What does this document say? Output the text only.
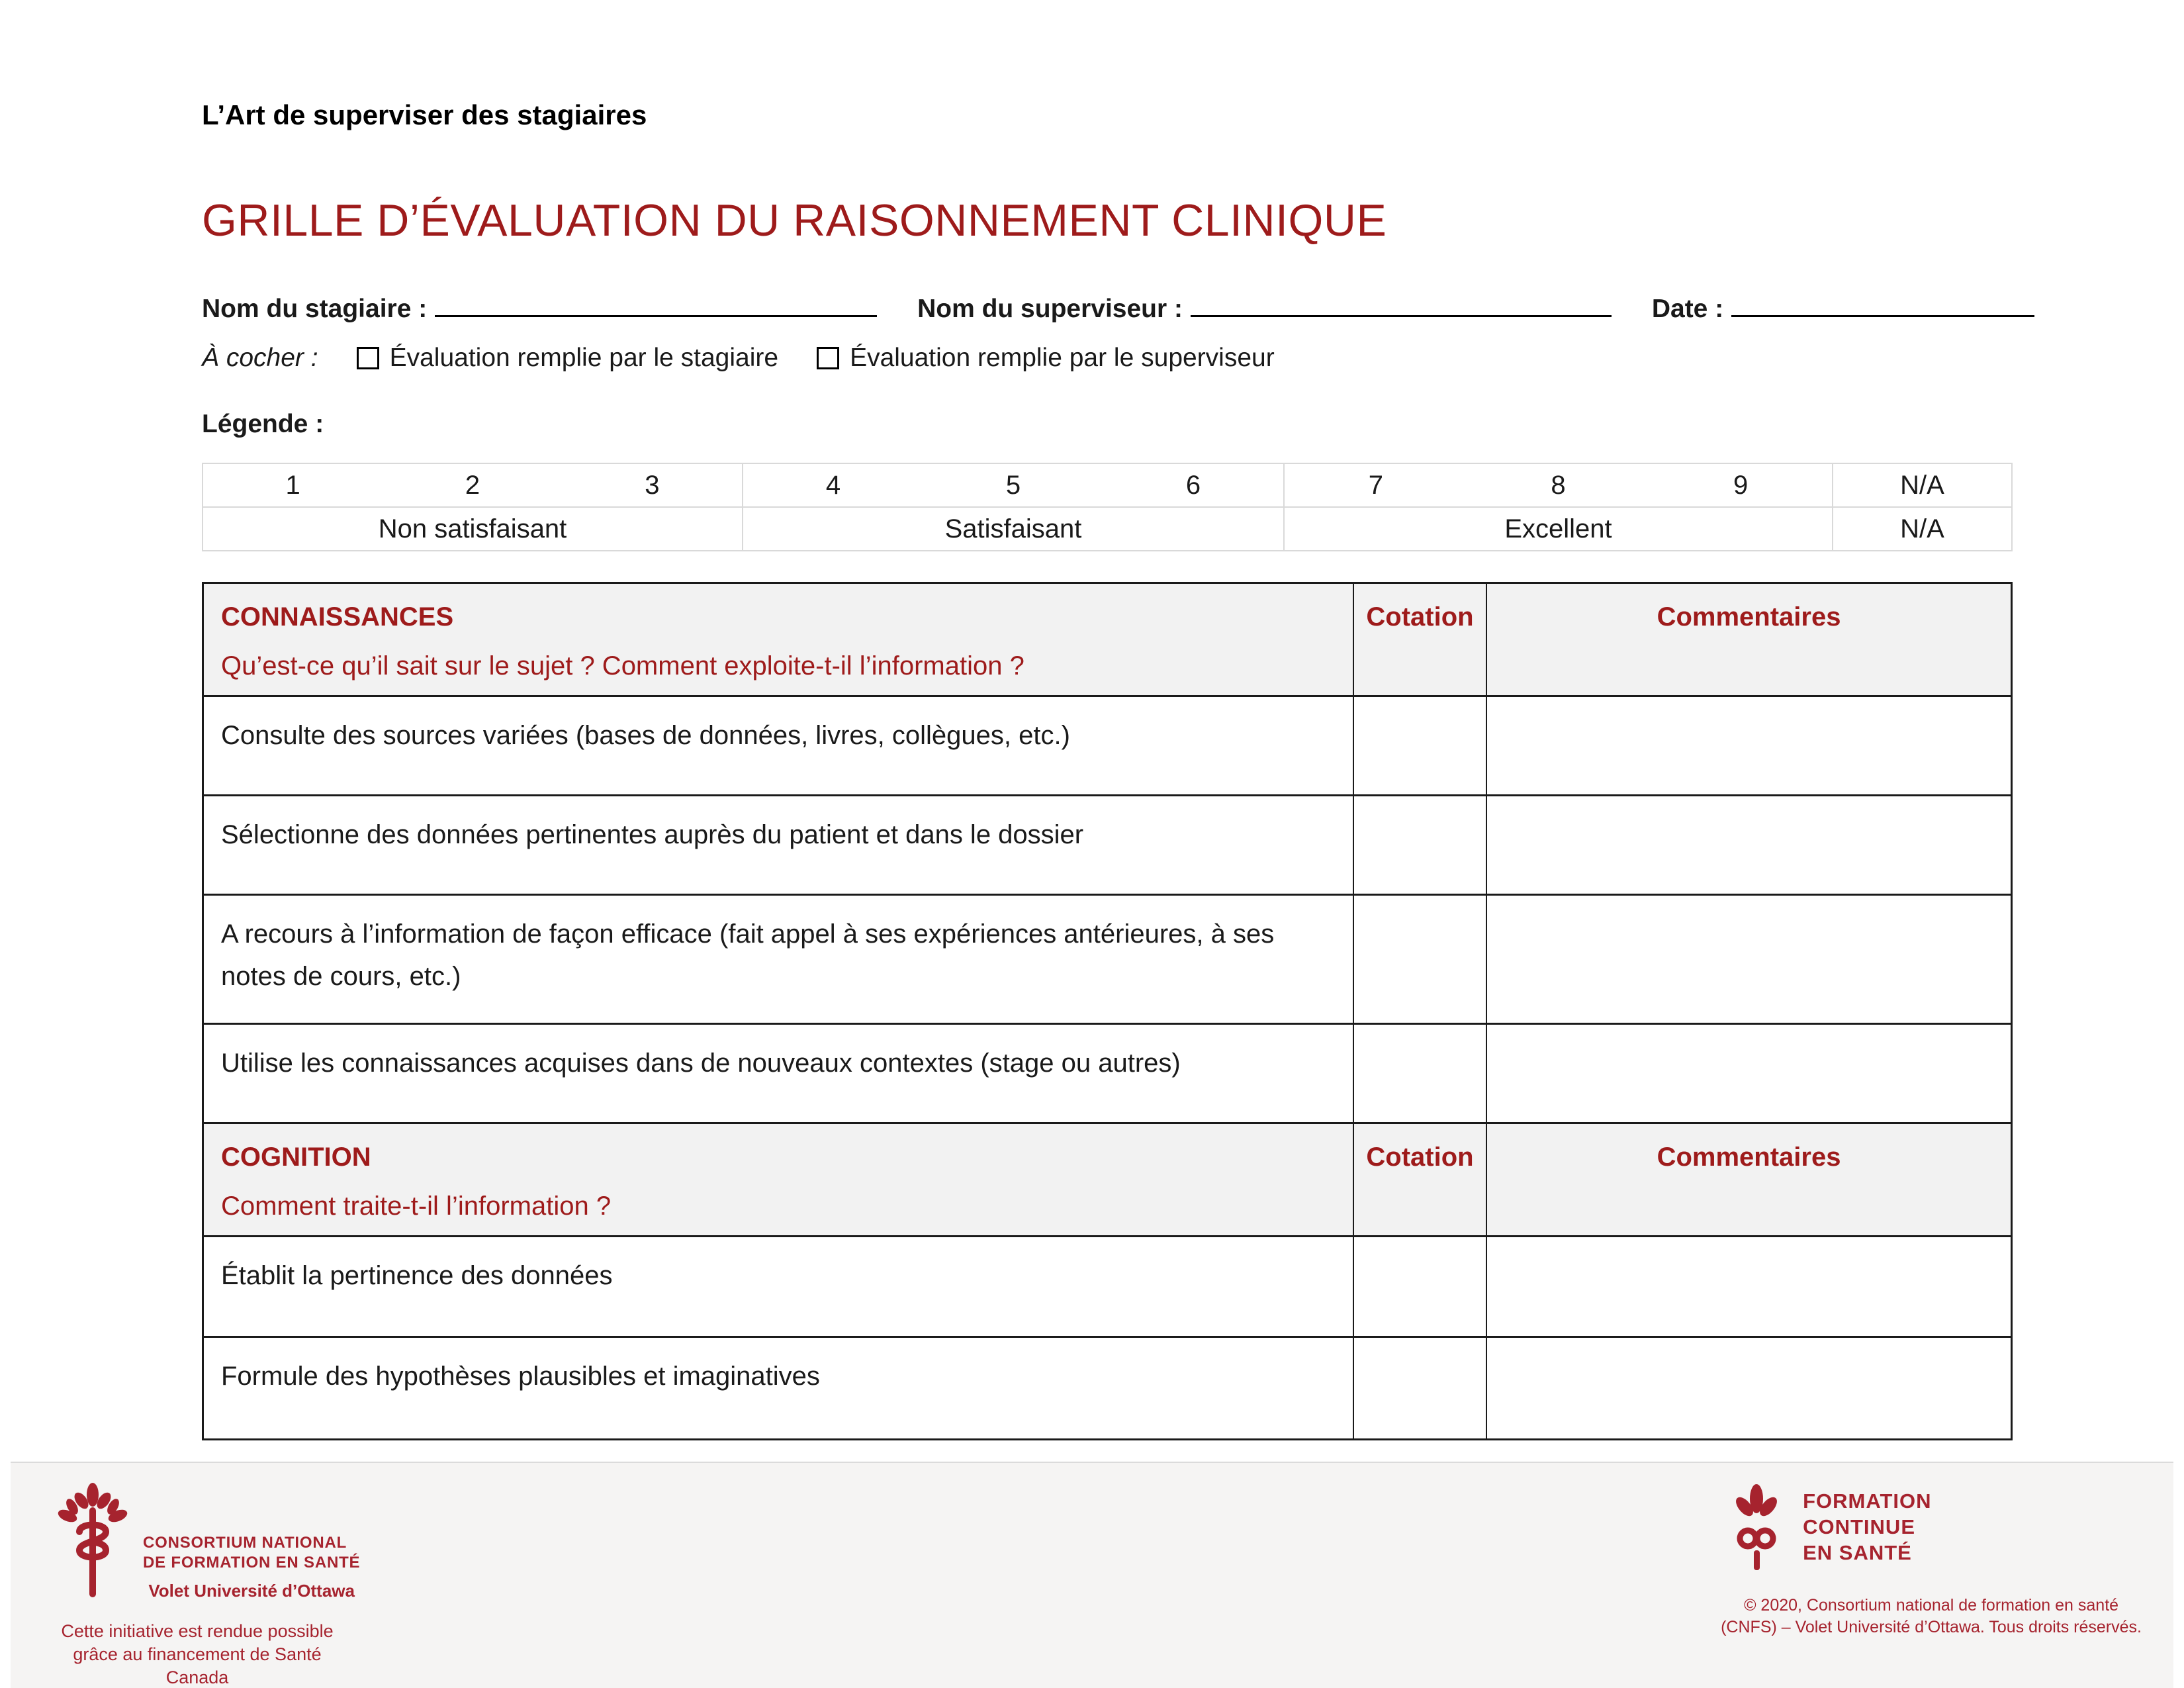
L’Art de superviser des stagiaires
GRILLE D’ÉVALUATION DU RAISONNEMENT CLINIQUE
Nom du stagiaire :	Nom du superviseur :	Date :
À cocher :	Évaluation remplie par le stagiaire	Évaluation remplie par le superviseur
Légende :
1	2	3	4	5	6	7	8	9	N/A
Non satisfaisant	Satisfaisant	Excellent	N/A
CONNAISSANCES
Qu’est-ce qu’il sait sur le sujet ? Comment exploite-t-il l’information ?
Cotation	Commentaires
Consulte des sources variées (bases de données, livres, collègues, etc.)
Sélectionne des données pertinentes auprès du patient et dans le dossier
A recours à l’information de façon efficace (fait appel à ses expériences antérieures, à ses notes de cours, etc.)
Utilise les connaissances acquises dans de nouveaux contextes (stage ou autres)
COGNITION
Comment traite-t-il l’information ?
Cotation	Commentaires
Établit la pertinence des données
Formule des hypothèses plausibles et imaginatives
CONSORTIUM NATIONAL
DE FORMATION EN SANTÉ
Volet Université d’Ottawa
Cette initiative est rendue possible
grâce au financement de Santé Canada
FORMATION
CONTINUE
EN SANTÉ
© 2020, Consortium national de formation en santé
(CNFS) – Volet Université d’Ottawa. Tous droits réservés.
